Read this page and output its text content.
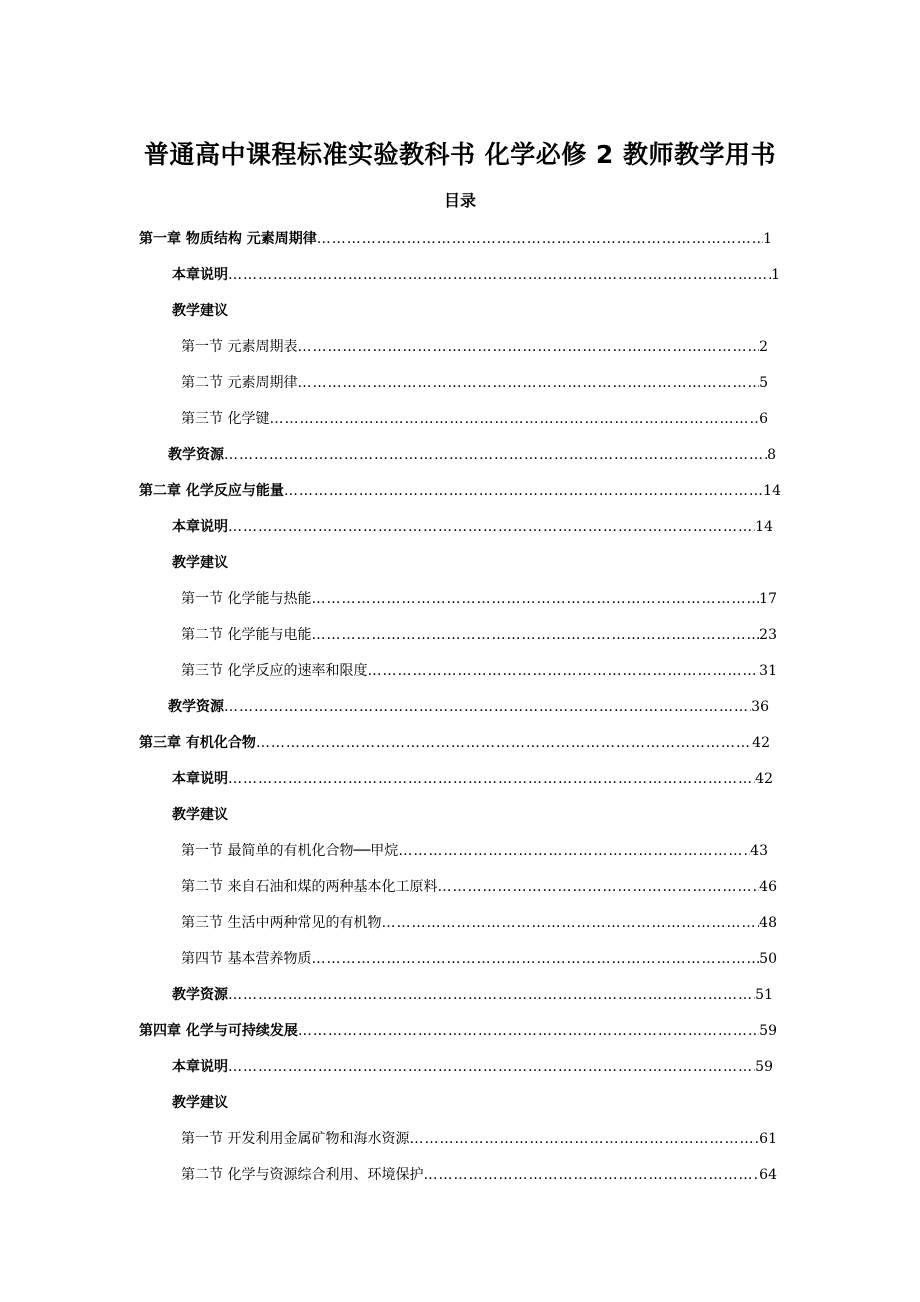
普通高中课程标准实验教科书 化学必修 2 教师教学用书
目录
第一章 物质结构 元素周期律 …………………………………………………………………………………………………………………………………………………………………………………………	1
本章说明 …………………………………………………………………………………………………………………………………………………………………………………………	1
教学建议
第一节 元素周期表 …………………………………………………………………………………………………………………………………………………………………………………………	2
第二节 元素周期律 …………………………………………………………………………………………………………………………………………………………………………………………	5
第三节 化学键 …………………………………………………………………………………………………………………………………………………………………………………………	6
教学资源 …………………………………………………………………………………………………………………………………………………………………………………………	8
第二章 化学反应与能量 …………………………………………………………………………………………………………………………………………………………………………………………	14
本章说明 …………………………………………………………………………………………………………………………………………………………………………………………	14
教学建议
第一节 化学能与热能 …………………………………………………………………………………………………………………………………………………………………………………………	17
第二节 化学能与电能 …………………………………………………………………………………………………………………………………………………………………………………………	23
第三节 化学反应的速率和限度 …………………………………………………………………………………………………………………………………………………………………………………………	31
教学资源 …………………………………………………………………………………………………………………………………………………………………………………………	36
第三章 有机化合物 …………………………………………………………………………………………………………………………………………………………………………………………	42
本章说明 …………………………………………………………………………………………………………………………………………………………………………………………	42
教学建议
第一节 最简单的有机化合物──甲烷 …………………………………………………………………………………………………………………………………………………………………………………………	43
第二节 来自石油和煤的两种基本化工原料 …………………………………………………………………………………………………………………………………………………………………………………………	46
第三节 生活中两种常见的有机物 …………………………………………………………………………………………………………………………………………………………………………………………	48
第四节 基本营养物质 …………………………………………………………………………………………………………………………………………………………………………………………	50
教学资源 …………………………………………………………………………………………………………………………………………………………………………………………	51
第四章 化学与可持续发展 …………………………………………………………………………………………………………………………………………………………………………………………	59
本章说明 …………………………………………………………………………………………………………………………………………………………………………………………	59
教学建议
第一节 开发利用金属矿物和海水资源 …………………………………………………………………………………………………………………………………………………………………………………………	61
第二节 化学与资源综合利用、环境保护 …………………………………………………………………………………………………………………………………………………………………………………………	64
